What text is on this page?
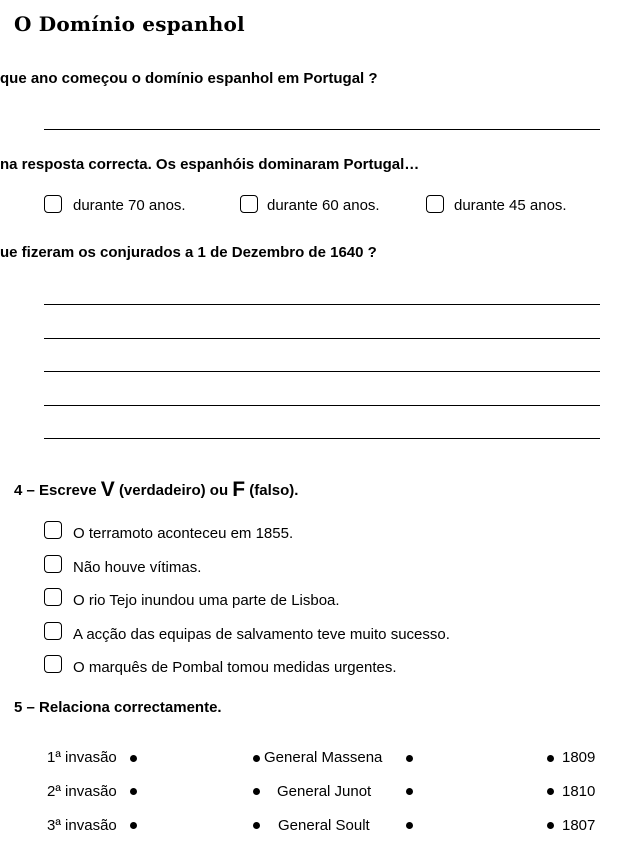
O Domínio espanhol
que ano começou o domínio espanhol em Portugal ?
na resposta correcta. Os espanhóis dominaram Portugal…
durante 70 anos.	durante 60 anos.	durante 45 anos.
ue fizeram os conjurados a 1 de Dezembro de 1640 ?
4 – Escreve V (verdadeiro) ou F (falso).
O terramoto aconteceu em 1855.
Não houve vítimas.
O rio Tejo inundou uma parte de Lisboa.
A acção das equipas de salvamento teve muito sucesso.
O marquês de Pombal tomou medidas urgentes.
5 – Relaciona correctamente.
1ª invasão	General Massena	1809
2ª invasão	General Junot	1810
3ª invasão	General Soult	1807
